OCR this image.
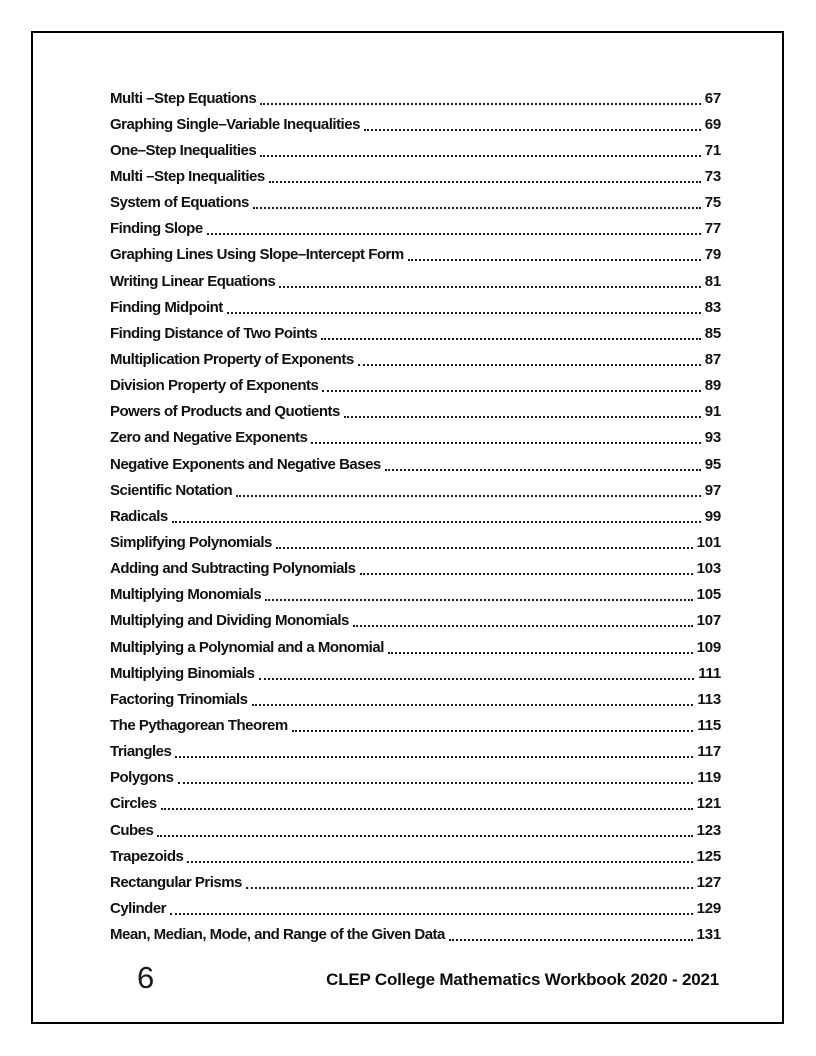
Multi –Step Equations	67
Graphing Single–Variable Inequalities	69
One–Step Inequalities	71
Multi –Step Inequalities	73
System of Equations	75
Finding Slope	77
Graphing Lines Using Slope–Intercept Form	79
Writing Linear Equations	81
Finding Midpoint	83
Finding Distance of Two Points	85
Multiplication Property of Exponents	87
Division Property of Exponents	89
Powers of Products and Quotients	91
Zero and Negative Exponents	93
Negative Exponents and Negative Bases	95
Scientific Notation	97
Radicals	99
Simplifying Polynomials	101
Adding and Subtracting Polynomials	103
Multiplying Monomials	105
Multiplying and Dividing Monomials	107
Multiplying a Polynomial and a Monomial	109
Multiplying Binomials	111
Factoring Trinomials	113
The Pythagorean Theorem	115
Triangles	117
Polygons	119
Circles	121
Cubes	123
Trapezoids	125
Rectangular Prisms	127
Cylinder	129
Mean, Median, Mode, and Range of the Given Data	131
6	CLEP College Mathematics Workbook 2020 - 2021
